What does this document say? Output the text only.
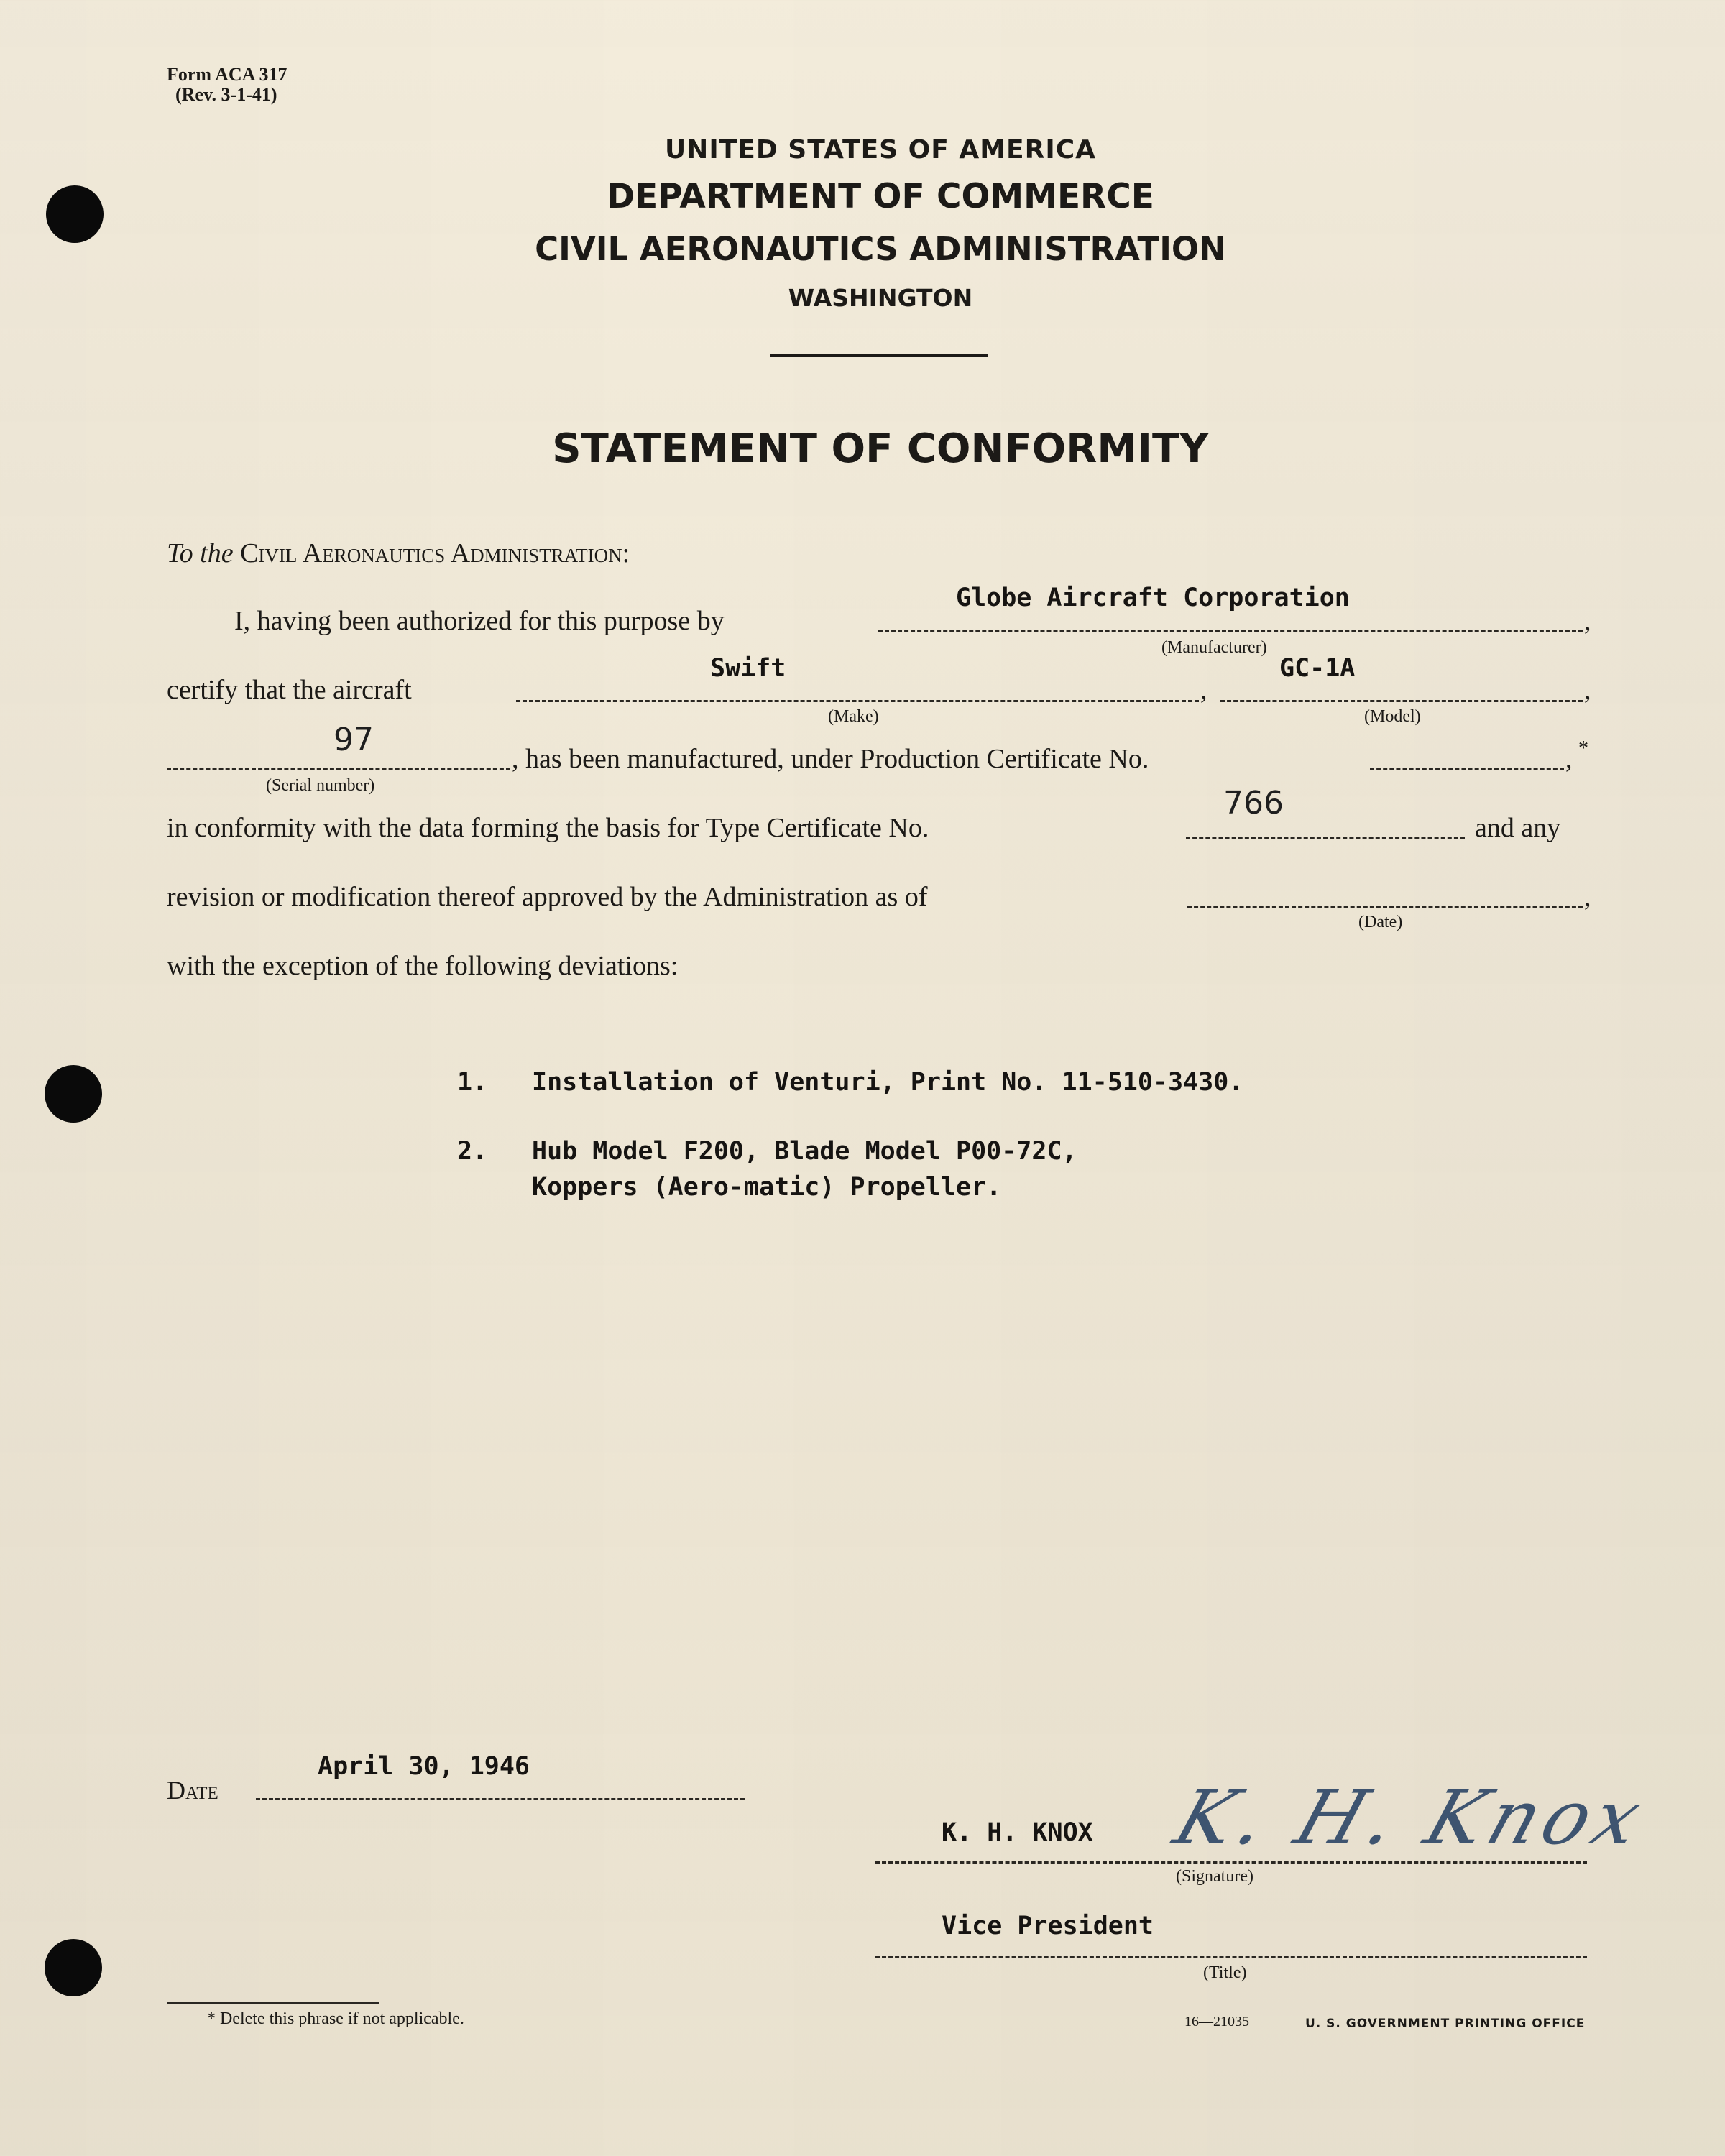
Form ACA 317
(Rev. 3-1-41)
UNITED STATES OF AMERICA
DEPARTMENT OF COMMERCE
CIVIL AERONAUTICS ADMINISTRATION
WASHINGTON
STATEMENT OF CONFORMITY
To the Civil Aeronautics Administration:
I, having been authorized for this purpose by
Globe Aircraft Corporation
,
(Manufacturer)
certify that the aircraft
Swift
,
(Make)
GC-1A
,
(Model)
97
, has been manufactured, under Production Certificate No.	, *
(Serial number)
in conformity with the data forming the basis for Type Certificate No.
766
and any
revision or modification thereof approved by the Administration as of	,
(Date)
with the exception of the following deviations:
1. Installation of Venturi, Print No. 11-510-3430.
2. Hub Model F200, Blade Model P00-72C,
Koppers (Aero-matic) Propeller.
Date
April 30, 1946
K. H. KNOX K. H. Knox
(Signature)
Vice President
(Title)
* Delete this phrase if not applicable.	16—21035	U. S. GOVERNMENT PRINTING OFFICE
